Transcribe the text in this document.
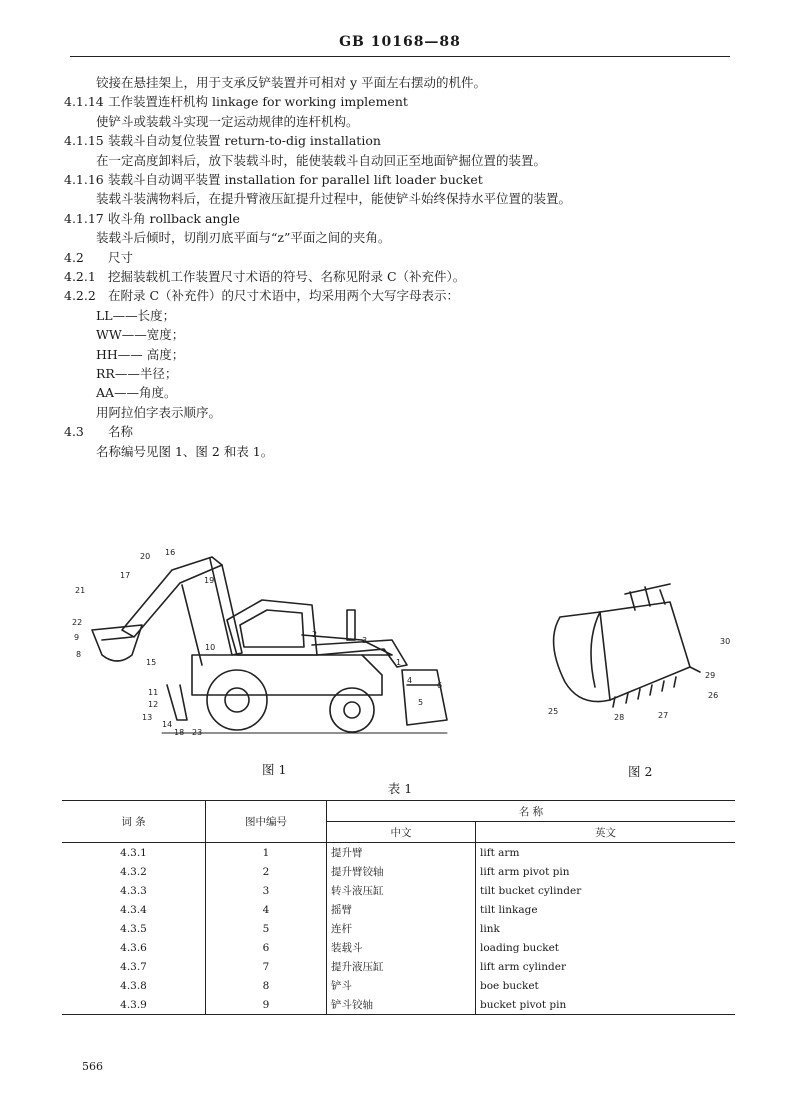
GB 10168—88
铰接在悬挂架上，用于支承反铲装置并可相对 y 平面左右摆动的机件。
4.1.14 工作装置连杆机构 linkage for working implement
使铲斗或装载斗实现一定运动规律的连杆机构。
4.1.15 装载斗自动复位装置 return-to-dig installation
在一定高度卸料后，放下装载斗时，能使装载斗自动回正至地面铲掘位置的装置。
4.1.16 装载斗自动调平装置 installation for parallel lift loader bucket
装载斗装满物料后，在提升臂液压缸提升过程中，能使铲斗始终保持水平位置的装置。
4.1.17 收斗角 rollback angle
装载斗后倾时，切削刃底平面与“z”平面之间的夹角。
4.2 尺寸
4.2.1 挖掘装载机工作装置尺寸术语的符号、名称见附录 C（补充件）。
4.2.2 在附录 C（补充件）的尺寸术语中，均采用两个大写字母表示：
LL——长度；
WW——宽度；
HH—— 高度；
RR——半径；
AA——角度。
用阿拉伯字表示顺序。
4.3 名称
名称编号见图 1、图 2 和表 1。
20 16
17
19
21
22
9
8
15
10
2
3
1
4
5
6
11
12
13
14
23
18
图 1
30
25
29
26
27
28
图 2
表 1
词 条	图中编号	名 称	
		中文	英文
4.3.1	1	提升臂	lift arm
4.3.2	2	提升臂铰轴	lift arm pivot pin
4.3.3	3	转斗液压缸	tilt bucket cylinder
4.3.4	4	摇臂	tilt linkage
4.3.5	5	连杆	link
4.3.6	6	装载斗	loading bucket
4.3.7	7	提升液压缸	lift arm cylinder
4.3.8	8	铲斗	boe bucket
4.3.9	9	铲斗铰轴	bucket pivot pin
566
